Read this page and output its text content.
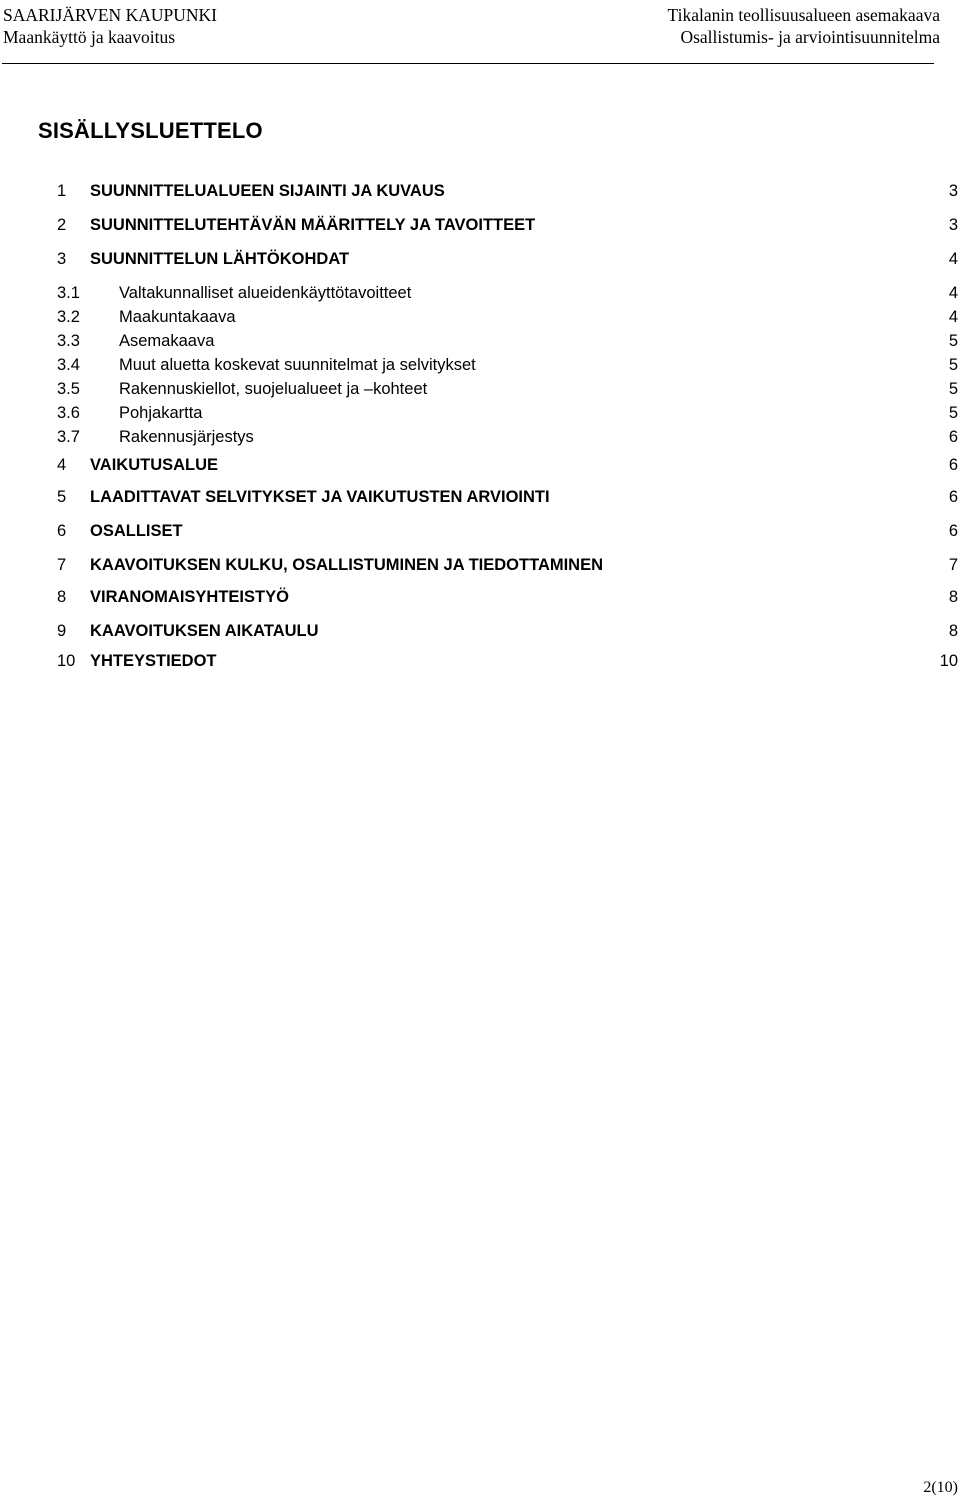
SAARIJÄRVEN KAUPUNKI
Maankäyttö ja kaavoitus
Tikalanin teollisuusalueen asemakaava
Osallistumis- ja arviointisuunnitelma
SISÄLLYSLUETTELO
1	SUUNNITTELUALUEEN SIJAINTI JA KUVAUS	3
2	SUUNNITTELUTEHTÄVÄN MÄÄRITTELY JA TAVOITTEET	3
3	SUUNNITTELUN LÄHTÖKOHDAT	4
3.1	Valtakunnalliset alueidenkäyttötavoitteet	4
3.2	Maakuntakaava	4
3.3	Asemakaava	5
3.4	Muut aluetta koskevat suunnitelmat ja selvitykset	5
3.5	Rakennuskiellot, suojelualueet ja –kohteet	5
3.6	Pohjakartta	5
3.7	Rakennusjärjestys	6
4	VAIKUTUSALUE	6
5	LAADITTAVAT SELVITYKSET JA VAIKUTUSTEN ARVIOINTI	6
6	OSALLISET	6
7	KAAVOITUKSEN KULKU, OSALLISTUMINEN JA TIEDOTTAMINEN	7
8	VIRANOMAISYHTEISTYÖ	8
9	KAAVOITUKSEN AIKATAULU	8
10 YHTEYSTIEDOT	10
2(10)
